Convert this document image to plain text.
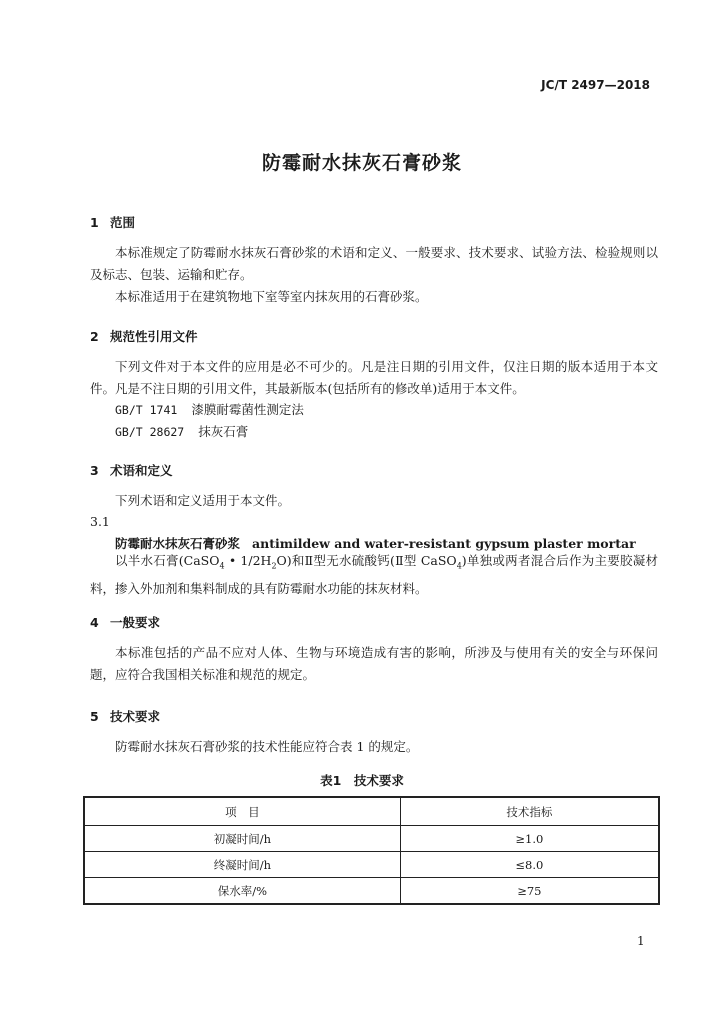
JC/T 2497—2018
防霉耐水抹灰石膏砂浆
1 范围
本标准规定了防霉耐水抹灰石膏砂浆的术语和定义、一般要求、技术要求、试验方法、检验规则以及标志、包装、运输和贮存。
本标准适用于在建筑物地下室等室内抹灰用的石膏砂浆。
2 规范性引用文件
下列文件对于本文件的应用是必不可少的。凡是注日期的引用文件，仅注日期的版本适用于本文件。凡是不注日期的引用文件，其最新版本(包括所有的修改单)适用于本文件。
GB/T 1741 漆膜耐霉菌性测定法
GB/T 28627 抹灰石膏
3 术语和定义
下列术语和定义适用于本文件。
3.1
防霉耐水抹灰石膏砂浆 antimildew and water-resistant gypsum plaster mortar
以半水石膏(CaSO$_4$ • $1/2H_2O$)和Ⅱ型无水硫酸钙(Ⅱ型 CaSO$_4$)单独或两者混合后作为主要胶凝材料，掺入外加剂和集料制成的具有防霉耐水功能的抹灰材料。
4 一般要求
本标准包括的产品不应对人体、生物与环境造成有害的影响，所涉及与使用有关的安全与环保问题，应符合我国相关标准和规范的规定。
5 技术要求
防霉耐水抹灰石膏砂浆的技术性能应符合表 1 的规定。
表1　技术要求
项　目	技术指标
初凝时间/h	≥1.0
终凝时间/h	≤8.0
保水率/%	≥75
1
